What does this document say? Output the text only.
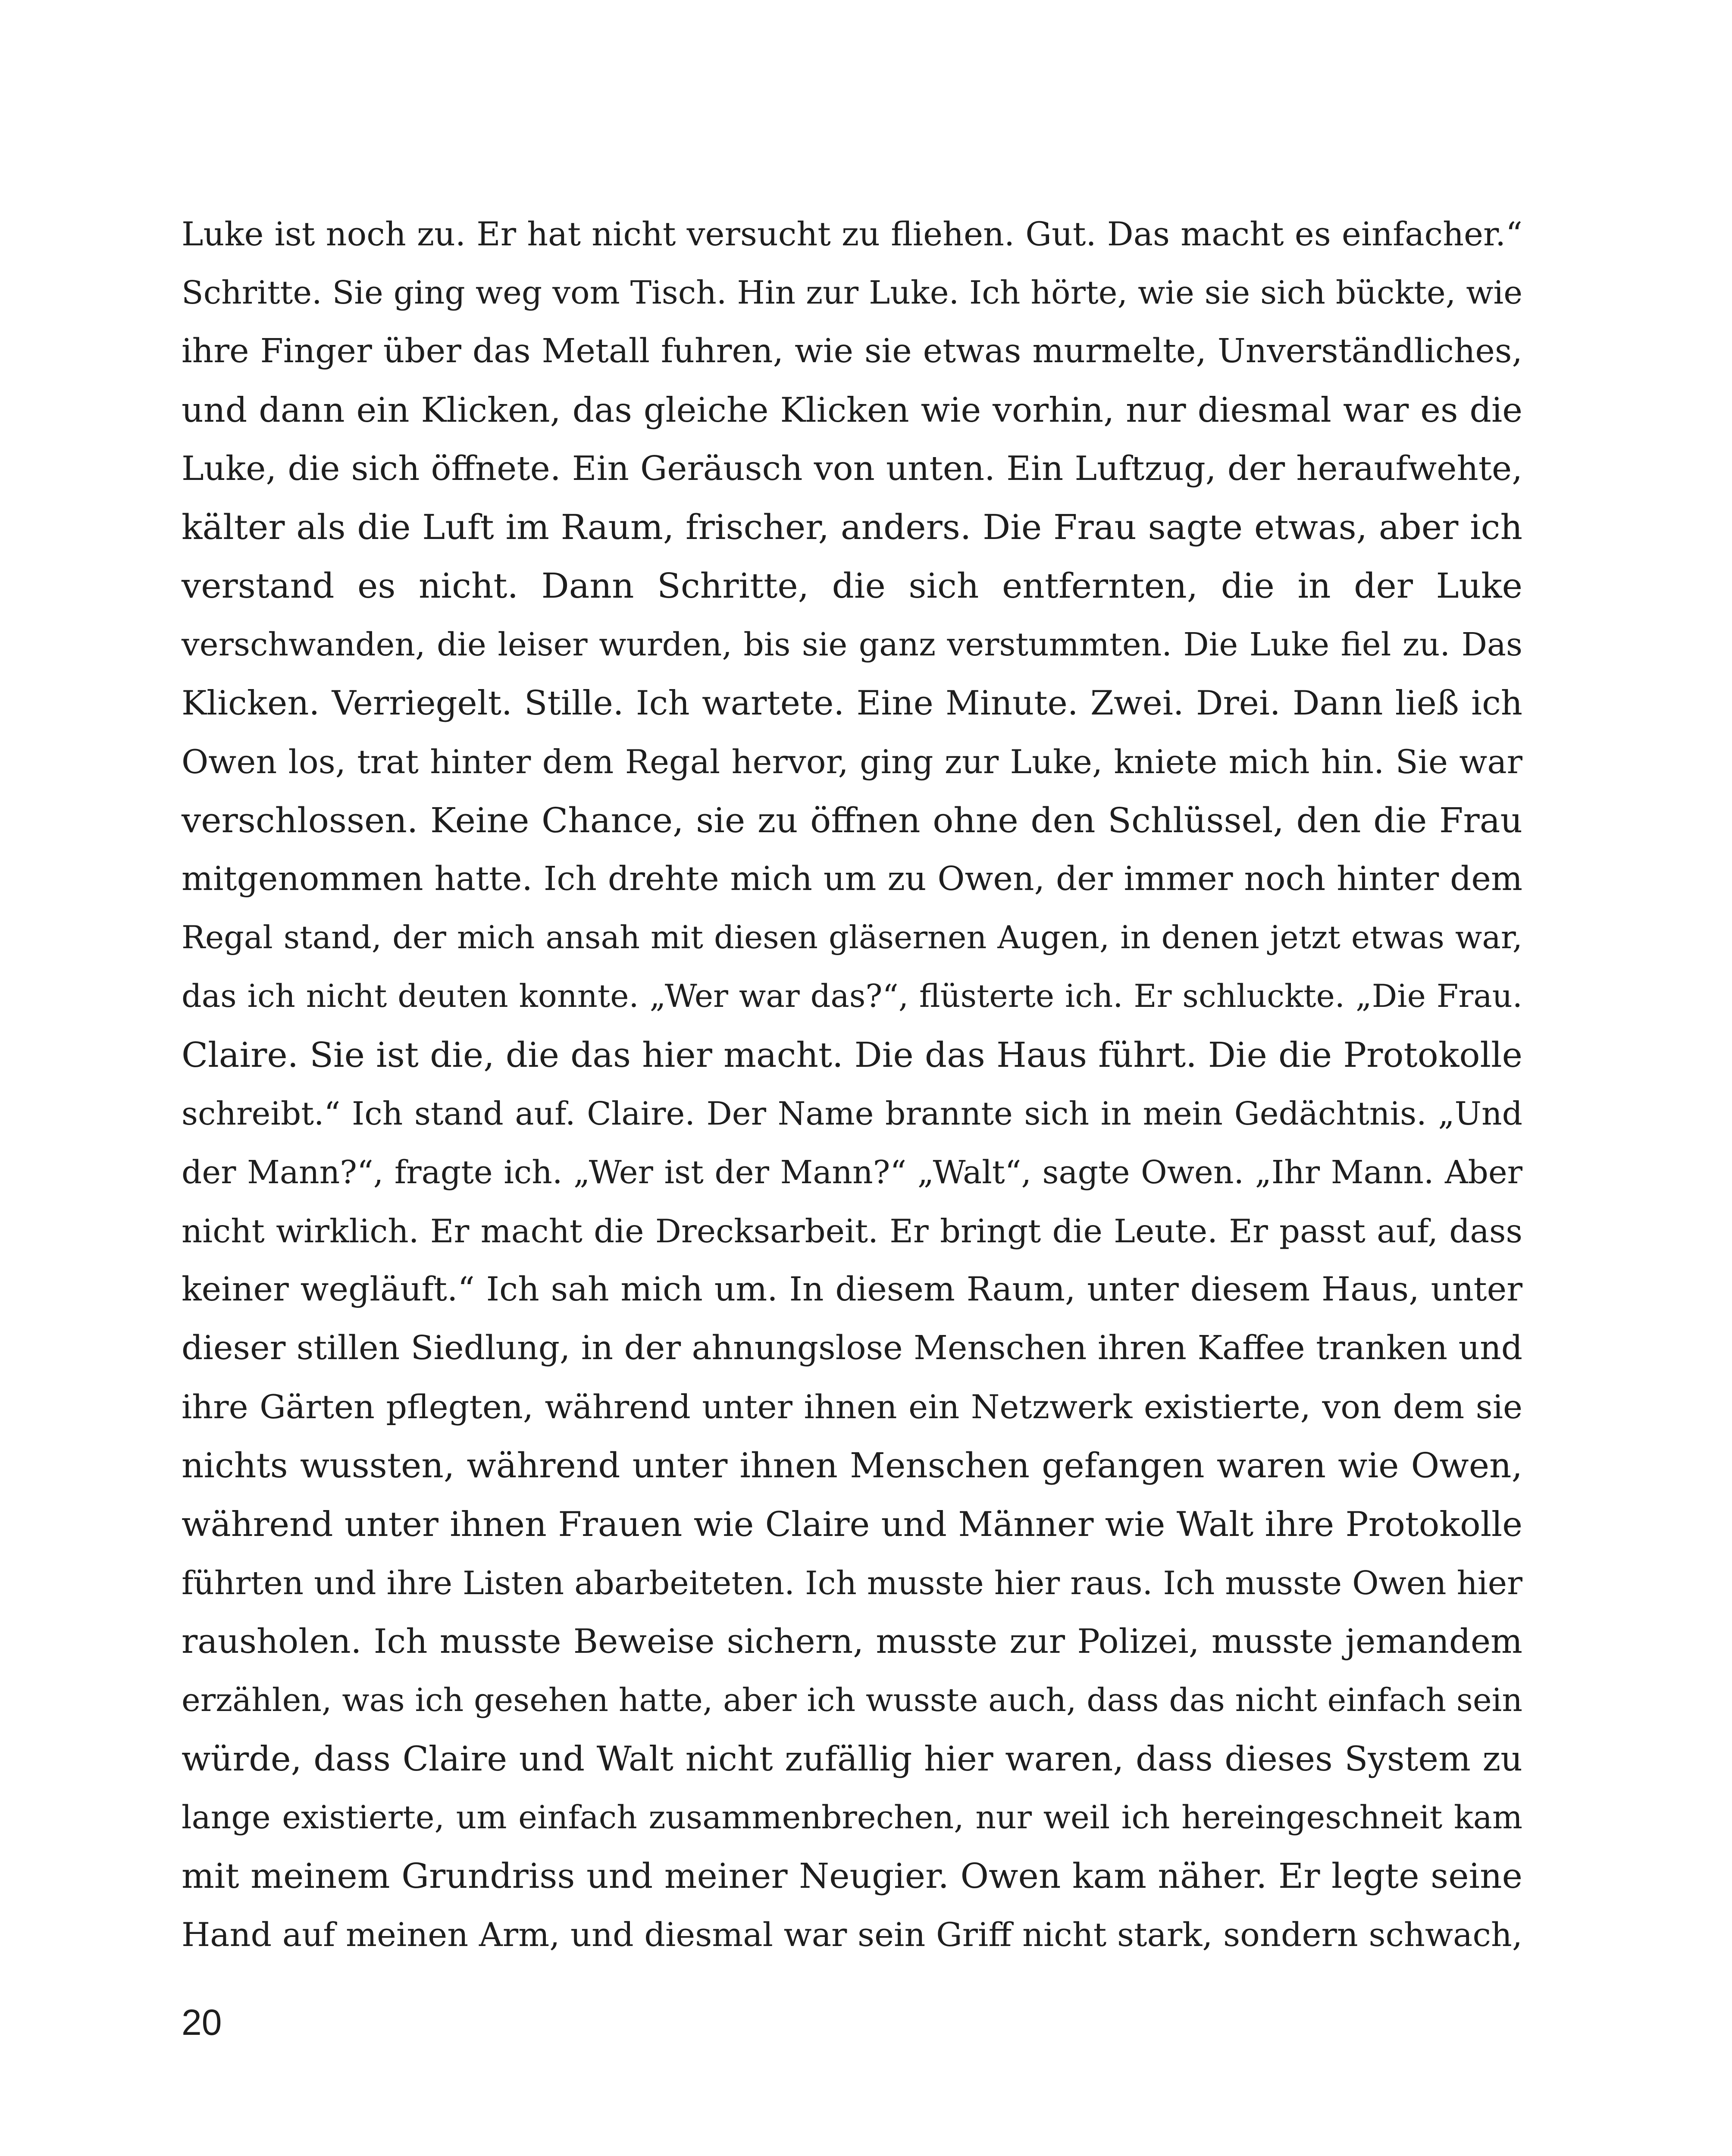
Luke ist noch zu. Er hat nicht versucht zu fliehen. Gut. Das macht es einfacher.“
Schritte. Sie ging weg vom Tisch. Hin zur Luke. Ich hörte, wie sie sich bückte, wie
ihre Finger über das Metall fuhren, wie sie etwas murmelte, Unverständliches,
und dann ein Klicken, das gleiche Klicken wie vorhin, nur diesmal war es die
Luke, die sich öffnete. Ein Geräusch von unten. Ein Luftzug, der heraufwehte,
kälter als die Luft im Raum, frischer, anders. Die Frau sagte etwas, aber ich
verstand es nicht. Dann Schritte, die sich entfernten, die in der Luke
verschwanden, die leiser wurden, bis sie ganz verstummten. Die Luke fiel zu. Das
Klicken. Verriegelt. Stille. Ich wartete. Eine Minute. Zwei. Drei. Dann ließ ich
Owen los, trat hinter dem Regal hervor, ging zur Luke, kniete mich hin. Sie war
verschlossen. Keine Chance, sie zu öffnen ohne den Schlüssel, den die Frau
mitgenommen hatte. Ich drehte mich um zu Owen, der immer noch hinter dem
Regal stand, der mich ansah mit diesen gläsernen Augen, in denen jetzt etwas war,
das ich nicht deuten konnte. „Wer war das?“, flüsterte ich. Er schluckte. „Die Frau.
Claire. Sie ist die, die das hier macht. Die das Haus führt. Die die Protokolle
schreibt.“ Ich stand auf. Claire. Der Name brannte sich in mein Gedächtnis. „Und
der Mann?“, fragte ich. „Wer ist der Mann?“ „Walt“, sagte Owen. „Ihr Mann. Aber
nicht wirklich. Er macht die Drecksarbeit. Er bringt die Leute. Er passt auf, dass
keiner wegläuft.“ Ich sah mich um. In diesem Raum, unter diesem Haus, unter
dieser stillen Siedlung, in der ahnungslose Menschen ihren Kaffee tranken und
ihre Gärten pflegten, während unter ihnen ein Netzwerk existierte, von dem sie
nichts wussten, während unter ihnen Menschen gefangen waren wie Owen,
während unter ihnen Frauen wie Claire und Männer wie Walt ihre Protokolle
führten und ihre Listen abarbeiteten. Ich musste hier raus. Ich musste Owen hier
rausholen. Ich musste Beweise sichern, musste zur Polizei, musste jemandem
erzählen, was ich gesehen hatte, aber ich wusste auch, dass das nicht einfach sein
würde, dass Claire und Walt nicht zufällig hier waren, dass dieses System zu
lange existierte, um einfach zusammenbrechen, nur weil ich hereingeschneit kam
mit meinem Grundriss und meiner Neugier. Owen kam näher. Er legte seine
Hand auf meinen Arm, und diesmal war sein Griff nicht stark, sondern schwach,
20
